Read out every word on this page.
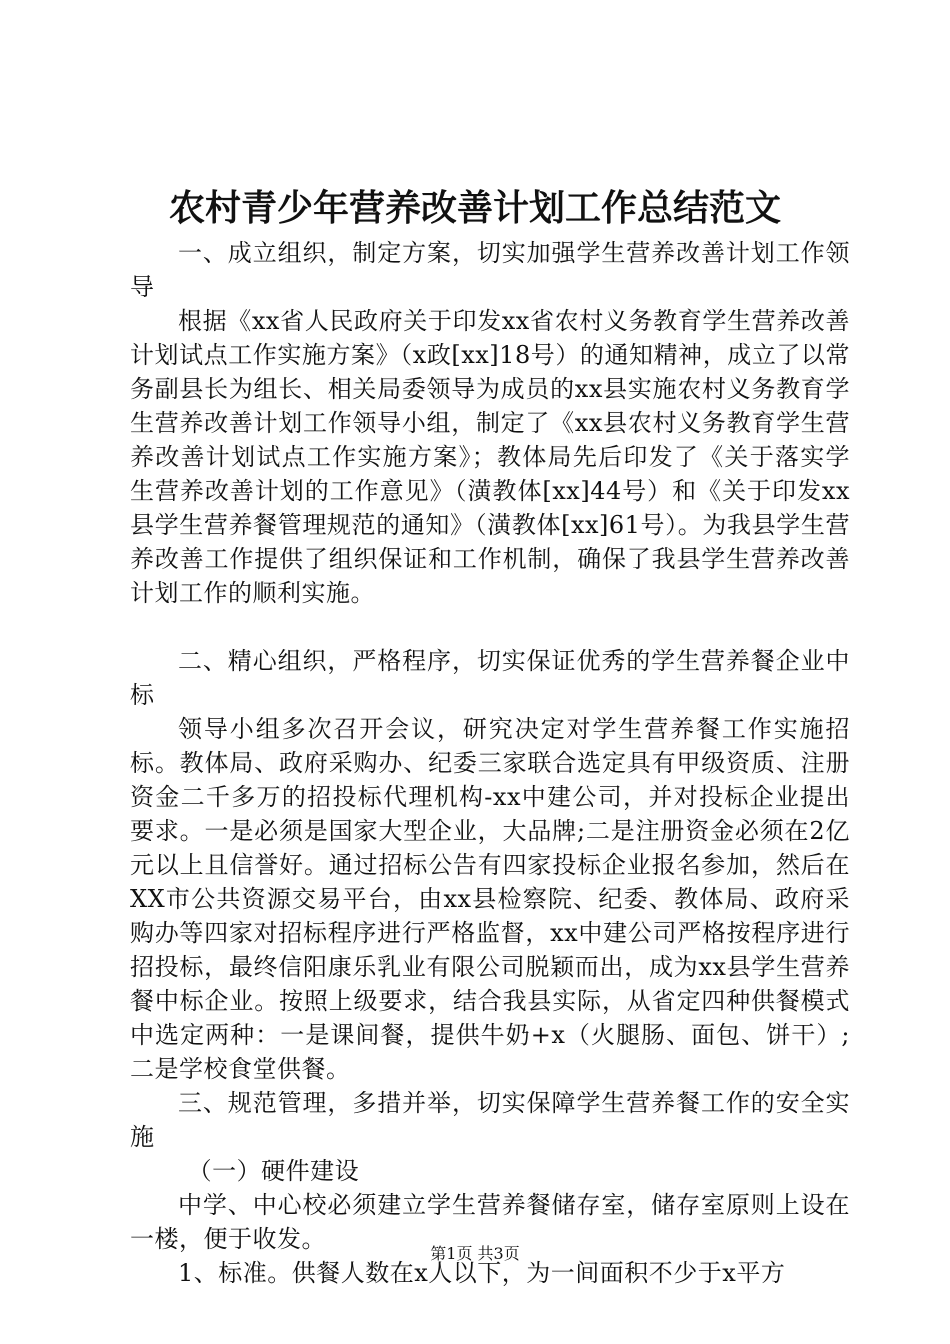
农村青少年营养改善计划工作总结范文

一、成立组织，制定方案，切实加强学生营养改善计划工作领导

根据《xx省人民政府关于印发xx省农村义务教育学生营养改善计划试点工作实施方案》（x政[xx]18号）的通知精神，成立了以常务副县长为组长、相关局委领导为成员的xx县实施农村义务教育学生营养改善计划工作领导小组，制定了《xx县农村义务教育学生营养改善计划试点工作实施方案》；教体局先后印发了《关于落实学生营养改善计划的工作意见》（潢教体[xx]44号）和《关于印发xx县学生营养餐管理规范的通知》（潢教体[xx]61号）。为我县学生营养改善工作提供了组织保证和工作机制，确保了我县学生营养改善计划工作的顺利实施。

二、精心组织，严格程序，切实保证优秀的学生营养餐企业中标

领导小组多次召开会议，研究决定对学生营养餐工作实施招标。教体局、政府采购办、纪委三家联合选定具有甲级资质、注册资金二千多万的招投标代理机构-xx中建公司，并对投标企业提出要求。一是必须是国家大型企业，大品牌;二是注册资金必须在2亿元以上且信誉好。通过招标公告有四家投标企业报名参加，然后在XX市公共资源交易平台，由xx县检察院、纪委、教体局、政府采购办等四家对招标程序进行严格监督，xx中建公司严格按程序进行招投标，最终信阳康乐乳业有限公司脱颖而出，成为xx县学生营养餐中标企业。按照上级要求，结合我县实际，从省定四种供餐模式中选定两种：一是课间餐，提供牛奶+x（火腿肠、面包、饼干）;二是学校食堂供餐。

三、规范管理，多措并举，切实保障学生营养餐工作的安全实施

（一）硬件建设

中学、中心校必须建立学生营养餐储存室，储存室原则上设在一楼，便于收发。

1、标准。供餐人数在x人以下，为一间面积不少于x平方

第1页 共3页
